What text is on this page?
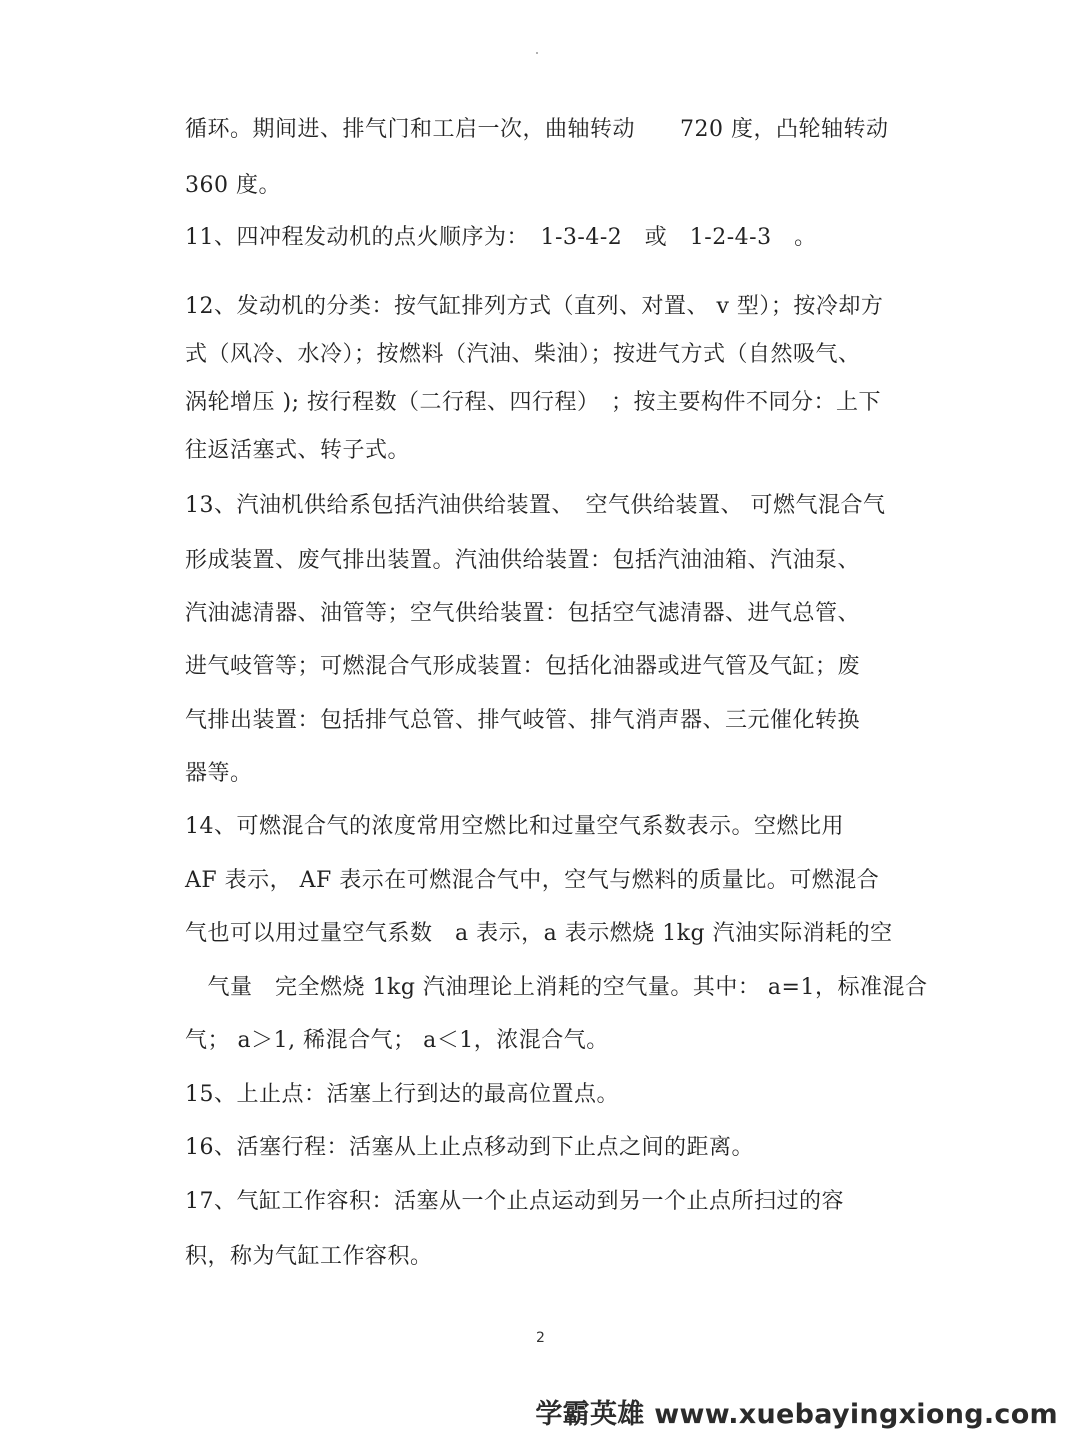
循环。期间进、排气门和工启一次，曲轴转动　　720 度，凸轮轴转动
360 度。
11、四冲程发动机的点火顺序为：　1-3-4-2　或　1-2-4-3　。
12、发动机的分类：按气缸排列方式（直列、对置、 v 型）；按冷却方
式（风冷、水冷）；按燃料（汽油、柴油）；按进气方式（自然吸气、
涡轮增压 ); 按行程数（二行程、四行程）　；按主要构件不同分：上下
往返活塞式、转子式。
13、汽油机供给系包括汽油供给装置、　空气供给装置、 可燃气混合气
形成装置、废气排出装置。汽油供给装置：包括汽油油箱、汽油泵、
汽油滤清器、油管等；空气供给装置：包括空气滤清器、进气总管、
进气岐管等；可燃混合气形成装置：包括化油器或进气管及气缸；废
气排出装置：包括排气总管、排气岐管、排气消声器、三元催化转换
器等。
14、可燃混合气的浓度常用空燃比和过量空气系数表示。空燃比用
AF 表示， AF 表示在可燃混合气中，空气与燃料的质量比。可燃混合
气也可以用过量空气系数　a 表示，a 表示燃烧 1kg 汽油实际消耗的空
　气量　完全燃烧 1kg 汽油理论上消耗的空气量。其中： a=1，标准混合
气； a＞1, 稀混合气； a＜1，浓混合气。
15、上止点：活塞上行到达的最高位置点。
16、活塞行程：活塞从上止点移动到下止点之间的距离。
17、气缸工作容积：活塞从一个止点运动到另一个止点所扫过的容
积，称为气缸工作容积。
2
学霸英雄 www.xuebayingxiong.com
